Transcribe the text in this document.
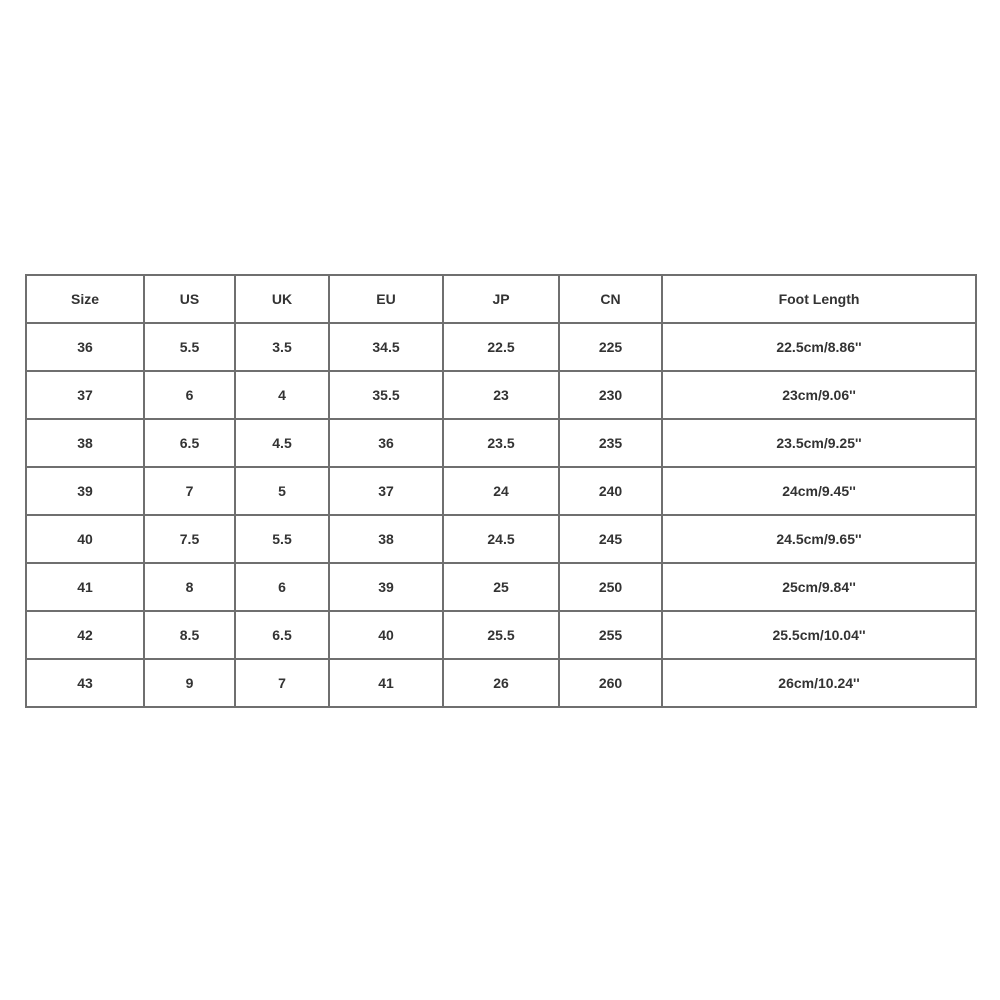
Size	US	UK	EU	JP	CN	Foot Length
36	5.5	3.5	34.5	22.5	225	22.5cm/8.86''
37	6	4	35.5	23	230	23cm/9.06''
38	6.5	4.5	36	23.5	235	23.5cm/9.25''
39	7	5	37	24	240	24cm/9.45''
40	7.5	5.5	38	24.5	245	24.5cm/9.65''
41	8	6	39	25	250	25cm/9.84''
42	8.5	6.5	40	25.5	255	25.5cm/10.04''
43	9	7	41	26	260	26cm/10.24''
